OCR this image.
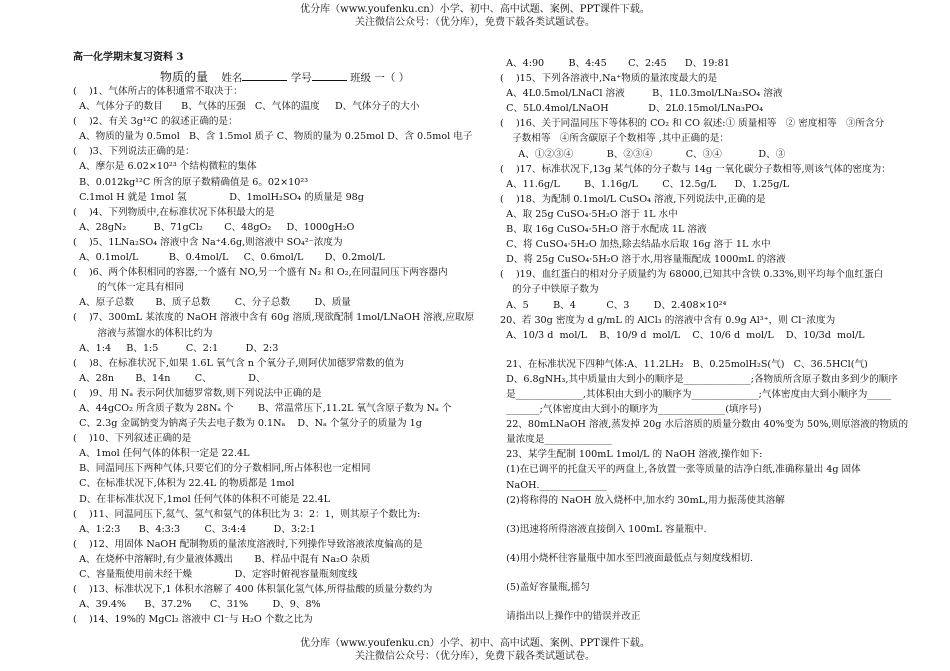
优分库（www.youfenku.cn）小学、初中、高中试题、案例、PPT课件下载。
关注微信公众号：（优分库），免费下载各类试题试卷。
高一化学期末复习资料 3
物质的量 姓名	学号	班级 一（ ）
(    )1、气体所占的体积通常不取决于：
A、气体分子的数目      B、气体的压强   C、气体的温度     D、气体分子的大小
(    )2、有关 3g¹²C 的叙述正确的是：
A、物质的量为 0.5mol   B、含 1.5mol 质子 C、物质的量为 0.25mol D、含 0.5mol 电子
(    )3、下列说法正确的是：
A、摩尔是 6.02×10²³ 个结构微粒的集体
B、0.012kg¹²C 所含的原子数精确值是 6。02×10²³
C.1mol H 就是 1mol 氢              D、1molH₂SO₄ 的质量是 98g
(    )4、下列物质中,在标准状况下体积最大的是
A、28gN₂         B、71gCl₂       C、48gO₂     D、1000gH₂O
(    )5、1LNa₂SO₄ 溶液中含 Na⁺4.6g,则溶液中 SO₄²⁻浓度为
A、0.1mol/L          B、0.4mol/L     C、0.6mol/L       D、0.2mol/L
(    )6、两个体积相同的容器,一个盛有 NO,另一个盛有 N₂ 和 O₂,在同温同压下两容器内
的气体一定具有相同
A、原子总数       B、质子总数        C、分子总数        D、质量
(    )7、300mL 某浓度的 NaOH 溶液中含有 60g 溶质,现欲配制 1mol/LNaOH 溶液,应取原
溶液与蒸馏水的体积比约为
A、1:4     B、1:5         C、2:1         D、2:3
(    )8、在标准状况下,如果 1.6L 氧气含 n 个氧分子,则阿伏加德罗常数的值为
A、28n       B、14n        C、            D、
(    )9、用 Nₐ 表示阿伏加德罗常数,则下列说法中正确的是
A、44gCO₂ 所含质子数为 28Nₐ 个        B、常温常压下,11.2L 氧气含原子数为 Nₐ 个
C、2.3g 金属钠变为钠离子失去电子数为 0.1Nₐ    D、Nₐ 个氢分子的质量为 1g
(    )10、下列叙述正确的是
A、1mol 任何气体的体积一定是 22.4L
B、同温同压下两种气体,只要它们的分子数相同,所占体积也一定相同
C、在标准状况下,体积为 22.4L 的物质都是 1mol
D、在非标准状况下,1mol 任何气体的体积不可能是 22.4L
(    )11、同温同压下,氦气、氢气和氨气的体积比为 3：2：1，则其原子个数比为:
A、1:2:3      B、4:3:3        C、3:4:4         D、3:2:1
(    )12、用固体 NaOH 配制物质的量浓度溶液时,下列操作导致溶液浓度偏高的是
A、在烧杯中溶解时,有少量液体溅出       B、样品中混有 Na₂O 杂质
C、容量瓶使用前未经干燥              D、定容时俯视容量瓶刻度线
(    )13、标准状况下,1 体积水溶解了 400 体积氯化氢气体,所得盐酸的质量分数约为
A、39.4%      B、37.2%      C、31%        D、9、8%
(    )14、19%的 MgCl₂ 溶液中 Cl⁻与 H₂O 个数之比为
A、4:90        B、4:45       C、2:45      D、19:81
(    )15、下列各溶液中,Na⁺物质的量浓度最大的是
A、4L0.5mol/LNaCl 溶液         B、1L0.3mol/LNa₂SO₄ 溶液
C、5L0.4mol/LNaOH             D、2L0.15mol/LNa₃PO₄
(    )16、关于同温同压下等体积的 CO₂ 和 CO 叙述:① 质量相等   ② 密度相等   ③所含分
子数相等   ④所含碳原子个数相等 ,其中正确的是：
A、①②③④           B、②③④           C、③④            D、③
(    )17、标准状况下,13g 某气体的分子数与 14g 一氧化碳分子数相等,则该气体的密度为：
A、11.6g/L        B、1.16g/L        C、12.5g/L      D、1.25g/L
(    )18、为配制 0.1mol/L CuSO₄ 溶液,下列说法中,正确的是
A、取 25g CuSO₄·5H₂O 溶于 1L 水中
B、取 16g CuSO₄·5H₂O 溶于水配成 1L 溶液
C、将 CuSO₄·5H₂O 加热,除去结晶水后取 16g 溶于 1L 水中
D、将 25g CuSO₄·5H₂O 溶于水,用容量瓶配成 1000mL 的溶液
(    )19、血红蛋白的相对分子质量约为 68000,已知其中含铁 0.33%,则平均每个血红蛋白
的分子中铁原子数为
A、5        B、4          C、3        D、2.408×10²⁴
20、若 30g 密度为 d g/mL 的 AlCl₃ 的溶液中含有 0.9g Al³⁺，则 Cl⁻浓度为
A、10/3 d  mol/L    B、10/9 d  mol/L    C、10/6 d  mol/L    D、10/3d  mol/L
21、在标准状况下四种气体:A、11.2LH₂   B、0.25molH₂S(气)   C、36.5HCl(气)
D、6.8gNH₃,其中质量由大到小的顺序是______________;各物质所含原子数由多到少的顺序
是______________,其体积由大到小的顺序为______________;气体密度由大到小顺序为_____
_______;气体密度由大到小的顺序为______________(填序号)
22、80mLNaOH 溶液,蒸发掉 20g 水后溶质的质量分数由 40%变为 50%,则原溶液的物质的
量浓度是______________
23、某学生配制 100mL 1mol/L 的 NaOH 溶液,操作如下:
(1)在已调平的托盘天平的两盘上,各放置一张等质量的洁净白纸,准确称量出 4g 固体
NaOH.______________
(2)将称得的 NaOH 放入烧杯中,加水约 30mL,用力振荡使其溶解
(3)迅速将所得溶液直接倒入 100mL 容量瓶中.
(4)用小烧杯往容量瓶中加水至凹液面最低点与刻度线相切.
(5)盖好容量瓶,摇匀
请指出以上操作中的错误并改正
优分库（www.youfenku.cn）小学、初中、高中试题、案例、PPT课件下载。
关注微信公众号：（优分库），免费下载各类试题试卷。
